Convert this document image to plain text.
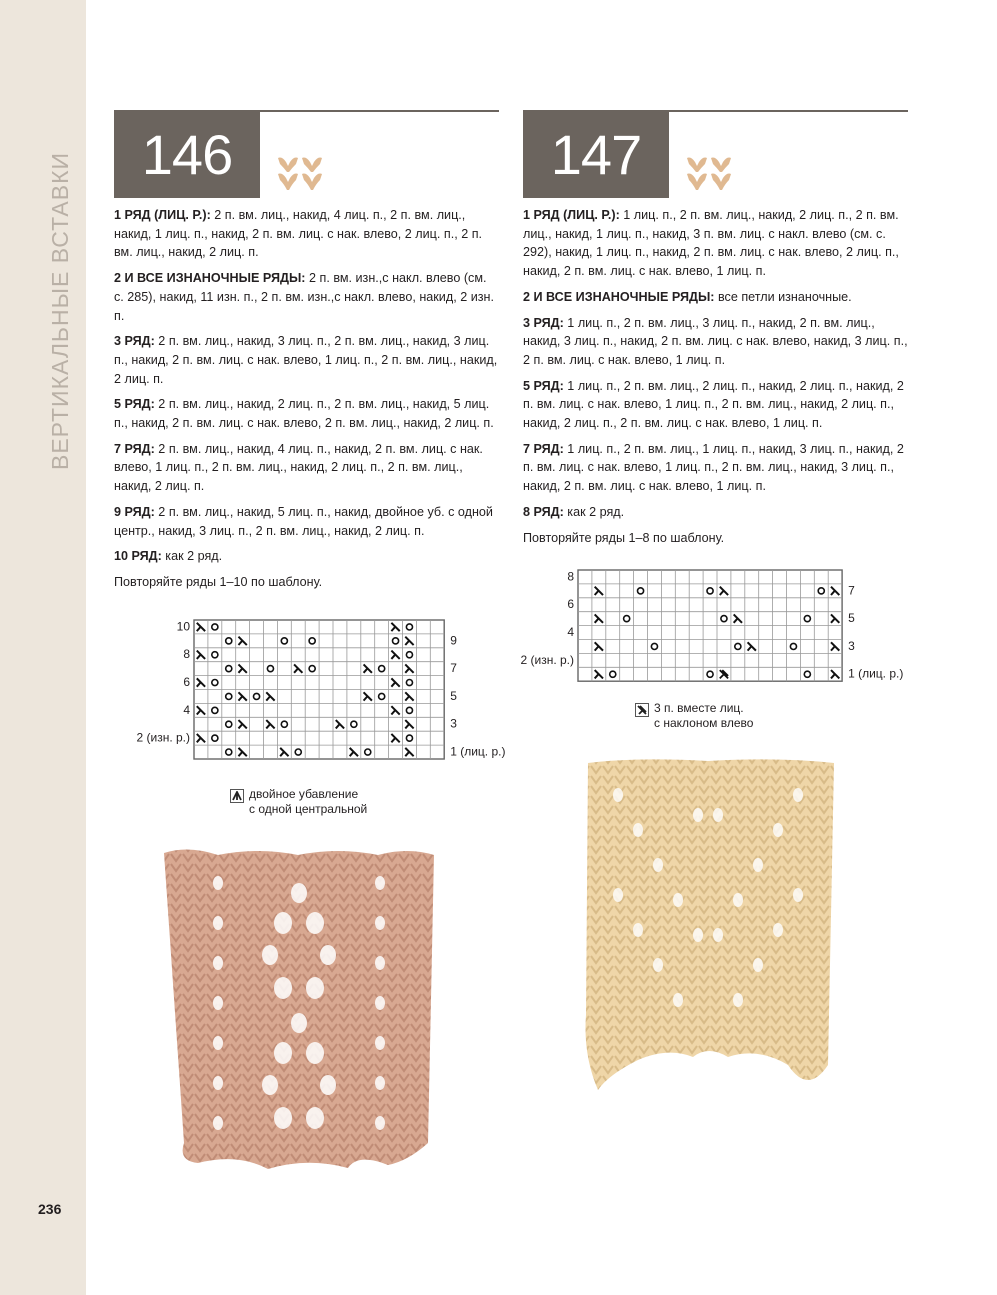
ВЕРТИКАЛЬНЫЕ ВСТАВКИ
236
146

1 РЯД (ЛИЦ. Р.): 2 п. вм. лиц., накид, 4 лиц. п., 2 п. вм. лиц., накид, 1 лиц. п., накид, 2 п. вм. лиц. с нак. влево, 2 лиц. п., 2 п. вм. лиц., накид, 2 лиц. п.

2 И ВСЕ ИЗНАНОЧНЫЕ РЯДЫ: 2 п. вм. изн.,с накл. влево (см. с. 285), накид, 11 изн. п., 2 п. вм. изн.,с накл. влево, накид, 2 изн. п.

3 РЯД: 2 п. вм. лиц., накид, 3 лиц. п., 2 п. вм. лиц., накид, 3 лиц. п., накид, 2 п. вм. лиц. с нак. влево, 1 лиц. п., 2 п. вм. лиц., накид, 2 лиц. п.

5 РЯД: 2 п. вм. лиц., накид, 2 лиц. п., 2 п. вм. лиц., накид, 5 лиц. п., накид, 2 п. вм. лиц. с нак. влево, 2 п. вм. лиц., накид, 2 лиц. п.

7 РЯД: 2 п. вм. лиц., накид, 4 лиц. п., накид, 2 п. вм. лиц. с нак. влево, 1 лиц. п., 2 п. вм. лиц., накид, 2 лиц. п., 2 п. вм. лиц., накид, 2 лиц. п.

9 РЯД: 2 п. вм. лиц., накид, 5 лиц. п., накид, двойное уб. с одной центр., накид, 3 лиц. п., 2 п. вм. лиц., накид, 2 лиц. п.

10 РЯД: как 2 ряд.

Повторяйте ряды 1–10 по шаблону.

147

1 РЯД (ЛИЦ. Р.): 1 лиц. п., 2 п. вм. лиц., накид, 2 лиц. п., 2 п. вм. лиц., накид, 1 лиц. п., накид, 3 п. вм. лиц. с накл. влево (см. с. 292), накид, 1 лиц. п., накид, 2 п. вм. лиц. с нак. влево, 2 лиц. п., накид, 2 п. вм. лиц. с нак. влево, 1 лиц. п.

2 И ВСЕ ИЗНАНОЧНЫЕ РЯДЫ: все петли изнаночные.

3 РЯД: 1 лиц. п., 2 п. вм. лиц., 3 лиц. п., накид, 2 п. вм. лиц., накид, 3 лиц. п., накид, 2 п. вм. лиц. с нак. влево, накид, 3 лиц. п., 2 п. вм. лиц. с нак. влево, 1 лиц. п.

5 РЯД: 1 лиц. п., 2 п. вм. лиц., 2 лиц. п., накид, 2 лиц. п., накид, 2 п. вм. лиц. с нак. влево, 1 лиц. п., 2 п. вм. лиц., накид, 2 лиц. п., накид, 2 лиц. п., 2 п. вм. лиц. с нак. влево, 1 лиц. п.

7 РЯД: 1 лиц. п., 2 п. вм. лиц., 1 лиц. п., накид, 3 лиц. п., накид, 2 п. вм. лиц. с нак. влево, 1 лиц. п., 2 п. вм. лиц., накид, 3 лиц. п., накид, 2 п. вм. лиц. с нак. влево, 1 лиц. п.

8 РЯД: как 2 ряд.

Повторяйте ряды 1–8 по шаблону.

10
8
6
4
2 (изн. р.)
9
7
5
3
1 (лиц. р.)
8
6
4
2 (изн. р.)
7
5
3
1 (лиц. р.)
двойное убавление
с одной центральной
3 п. вместе лиц.
с наклоном влево
